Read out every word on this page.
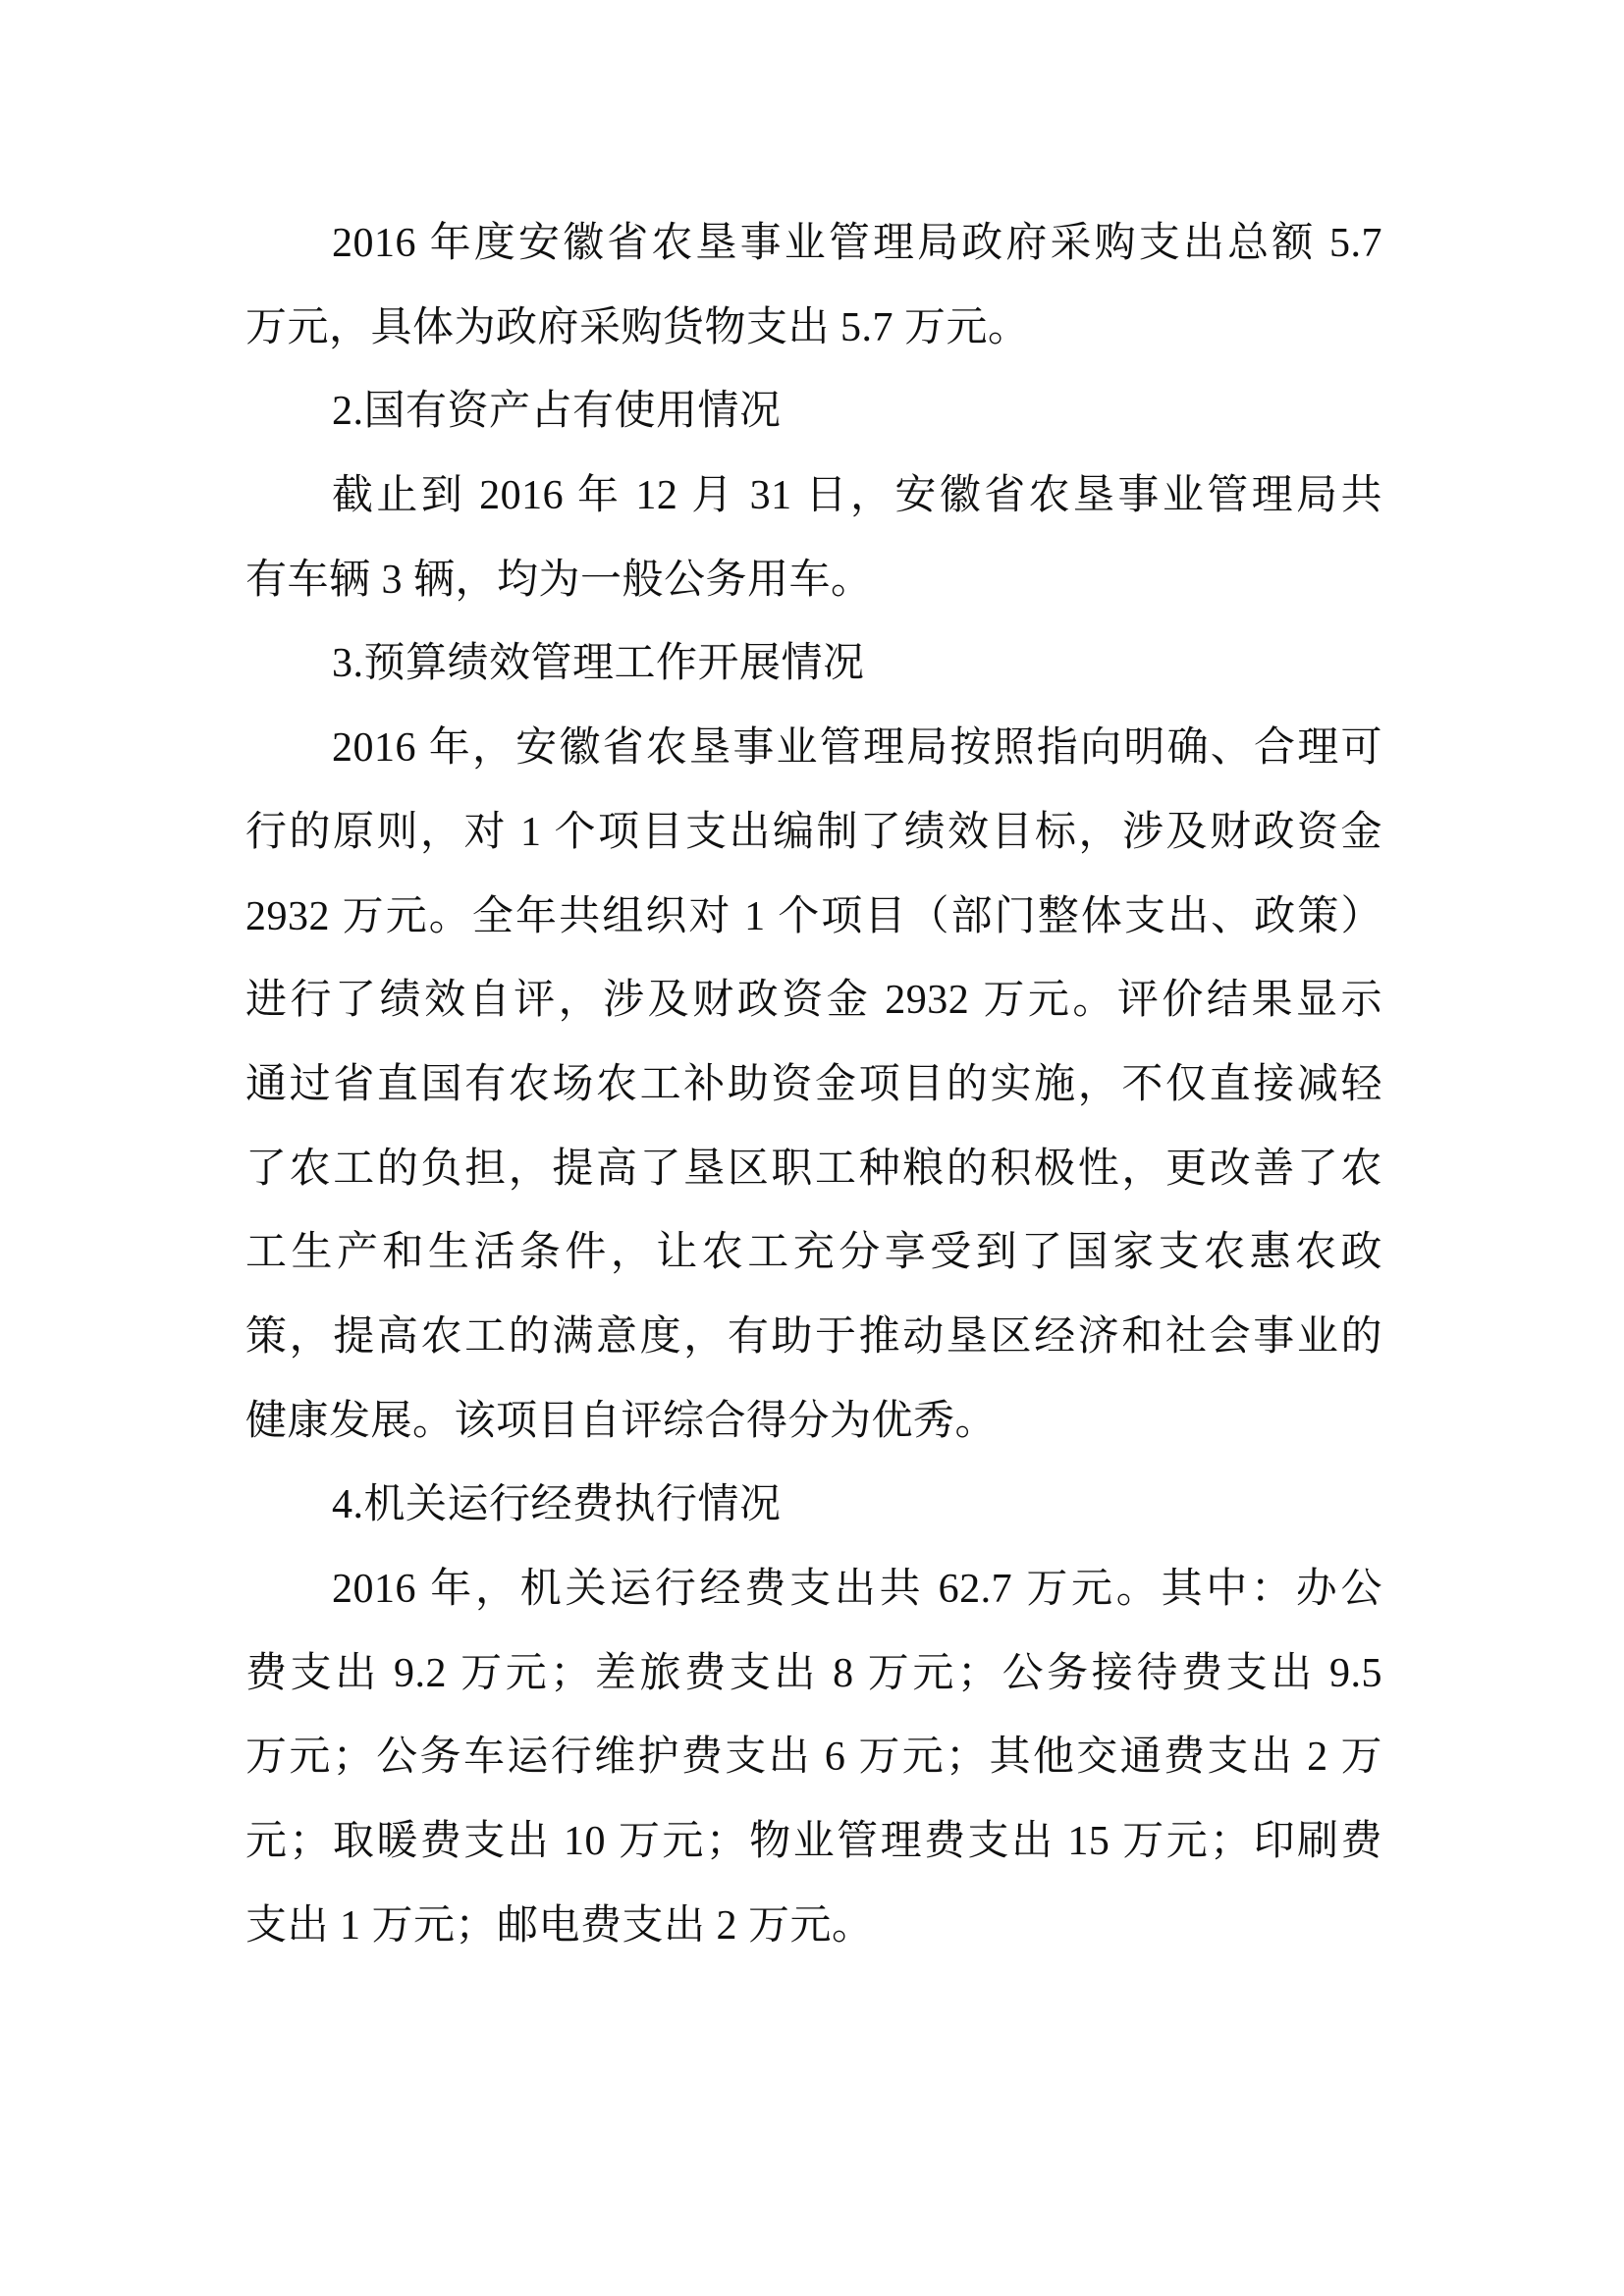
2016 年度安徽省农垦事业管理局政府采购支出总额 5.7

万元，具体为政府采购货物支出 5.7 万元。

2.国有资产占有使用情况

截止到 2016 年 12 月 31 日，安徽省农垦事业管理局共

有车辆 3 辆，均为一般公务用车。

3.预算绩效管理工作开展情况

2016 年，安徽省农垦事业管理局按照指向明确、合理可

行的原则，对 1 个项目支出编制了绩效目标，涉及财政资金

2932 万元。全年共组织对 1 个项目（部门整体支出、政策）

进行了绩效自评，涉及财政资金 2932 万元。评价结果显示

通过省直国有农场农工补助资金项目的实施，不仅直接减轻

了农工的负担，提高了垦区职工种粮的积极性，更改善了农

工生产和生活条件，让农工充分享受到了国家支农惠农政

策，提高农工的满意度，有助于推动垦区经济和社会事业的

健康发展。该项目自评综合得分为优秀。

4.机关运行经费执行情况

2016 年，机关运行经费支出共 62.7 万元。其中：办公

费支出 9.2 万元；差旅费支出 8 万元；公务接待费支出 9.5

万元；公务车运行维护费支出 6 万元；其他交通费支出 2 万

元；取暖费支出 10 万元；物业管理费支出 15 万元；印刷费

支出 1 万元；邮电费支出 2 万元。
